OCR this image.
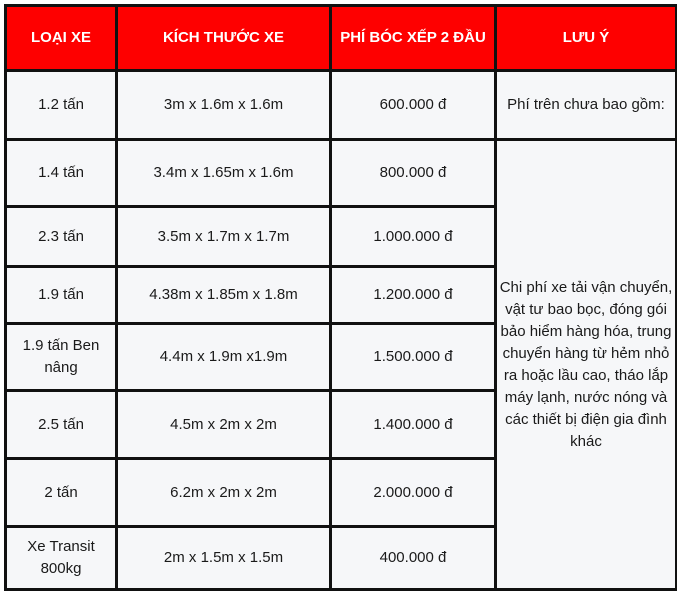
LOẠI XE	KÍCH THƯỚC XE	PHÍ BÓC XẾP 2 ĐẦU	LƯU Ý
1.2 tấn	3m x 1.6m x 1.6m	600.000 đ	Phí trên chưa bao gồm:
1.4 tấn	3.4m x 1.65m x 1.6m	800.000 đ	Chi phí xe tải vận chuyển, vật tư bao bọc, đóng gói bảo hiểm hàng hóa, trung chuyển hàng từ hẻm nhỏ ra hoặc lầu cao, tháo lắp máy lạnh, nước nóng và các thiết bị điện gia đình khác
2.3 tấn	3.5m x 1.7m x 1.7m	1.000.000 đ	
1.9 tấn	4.38m x 1.85m x 1.8m	1.200.000 đ	
1.9 tấn Ben nâng	4.4m x 1.9m x1.9m	1.500.000 đ	
2.5 tấn	4.5m x 2m x 2m	1.400.000 đ	
2 tấn	6.2m x 2m x 2m	2.000.000 đ	
Xe Transit 800kg	2m x 1.5m x 1.5m	400.000 đ	
